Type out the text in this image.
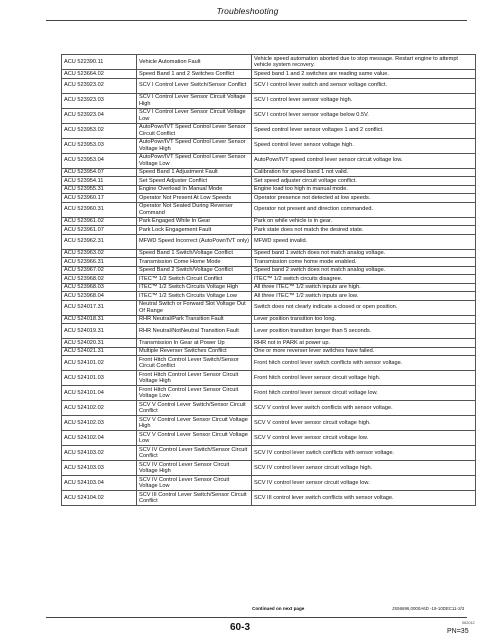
Troubleshooting
ACU 522390.11	Vehicle Automation Fault	Vehicle speed automation aborted due to stop message. Restart engine to attempt vehicle system recovery.
ACU 523664.02	Speed Band 1 and 2 Switches Conflict	Speed band 1 and 2 switches are reading same value.
ACU 523923.02	SCV I Control Lever Switch/Sensor Conflict	SCV I control lever switch and sensor voltage conflict.
ACU 523923.03	SCV I Control Lever Sensor Circuit Voltage High	SCV I control lever sensor voltage high.
ACU 523923.04	SCV I Control Lever Sensor Circuit Voltage Low	SCV I control lever sensor voltage below 0.5V.
ACU 523953.02	AutoPowr/IVT Speed Control Lever Sensor Circuit Conflict	Speed control lever sensor voltages 1 and 2 conflict.
ACU 523953.03	AutoPowr/IVT Speed Control Lever Sensor Voltage High	Speed control lever sensor voltage high.
ACU 523953.04	AutoPowr/IVT Speed Control Lever Sensor Voltage Low	AutoPowr/IVT speed control lever sensor circuit voltage low.
ACU 523954.07	Speed Band 1 Adjustment Fault	Calibration for speed band 1 not valid.
ACU 523954.11	Set Speed Adjuster Conflict	Set speed adjuster circuit voltage conflict.
ACU 523955.31	Engine Overload In Manual Mode	Engine load too high in manual mode.
ACU 523960.17	Operator Not Present At Low Speeds	Operator presence not detected at low speeds.
ACU 523960.31	Operator Not Seated During Reverser Command	Operator not present and direction commanded.
ACU 523961.02	Park Engaged While In Gear	Park on while vehicle is in gear.
ACU 523961.07	Park Lock Engagement Fault	Park state does not match the desired state.
ACU 523962.31	MFWD Speed Incorrect (AutoPowr/IVT only)	MFWD speed invalid.
ACU 523963.02	Speed Band 1 Switch/Voltage Conflict	Speed band 1 switch does not match analog voltage.
ACU 523966.31	Transmission Come Home Mode	Transmission come home mode enabled.
ACU 523967.02	Speed Band 2 Switch/Voltage Conflict	Speed band 2 switch does not match analog voltage.
ACU 523968.02	ITEC™ 1/2 Switch Circuit Conflict	ITEC™ 1/2 switch circuits disagree.
ACU 523968.03	ITEC™ 1/2 Switch Circuits Voltage High	All three ITEC™ 1/2 switch inputs are high.
ACU 523968.04	ITEC™ 1/2 Switch Circuits Voltage Low	All three ITEC™ 1/2 switch inputs are low.
ACU 524017.31	Neutral Switch or Forward Slot Voltage Out Of Range	Switch does not clearly indicate a closed or open position.
ACU 524018.31	RHR Neutral/Park Transition Fault	Lever position transition too long.
ACU 524019.31	RHR Neutral/NotNeutral Transition Fault	Lever position transition longer than 5 seconds.
ACU 524020.31	Transmission In Gear at Power Up	RHR not in PARK at power up.
ACU 524021.31	Multiple Reverser Switches Conflict	One or more reverser lever switches have failed.
ACU 524101.02	Front Hitch Control Lever Switch/Sensor Circuit Conflict	Front hitch control lever switch conflicts with sensor voltage.
ACU 524101.03	Front Hitch Control Lever Sensor Circuit Voltage High	Front hitch control lever sensor circuit voltage high.
ACU 524101.04	Front Hitch Control Lever Sensor Circuit Voltage Low	Front hitch control lever sensor circuit voltage low.
ACU 524102.02	SCV V Control Lever Switch/Sensor Circuit Conflict	SCV V control lever switch conflicts with sensor voltage.
ACU 524102.03	SCV V Control Lever Sensor Circuit Voltage High	SCV V control lever sensor circuit voltage high.
ACU 524102.04	SCV V Control Lever Sensor Circuit Voltage Low	SCV V control lever sensor circuit voltage low.
ACU 524103.02	SCV IV Control Lever Switch/Sensor Circuit Conflict	SCV IV control lever switch conflicts with sensor voltage.
ACU 524103.03	SCV IV Control Lever Sensor Circuit Voltage High	SCV IV control lever sensor circuit voltage high.
ACU 524103.04	SCV IV Control Lever Sensor Circuit Voltage Low	SCV IV control lever sensor circuit voltage low.
ACU 524104.02	SCV III Control Lever Switch/Sensor Circuit Conflict	SCV III control lever switch conflicts with sensor voltage.
Continued on next page	JS56696,0000A6D -19-10DEC11-2/3
60-3	062012
PN=35
